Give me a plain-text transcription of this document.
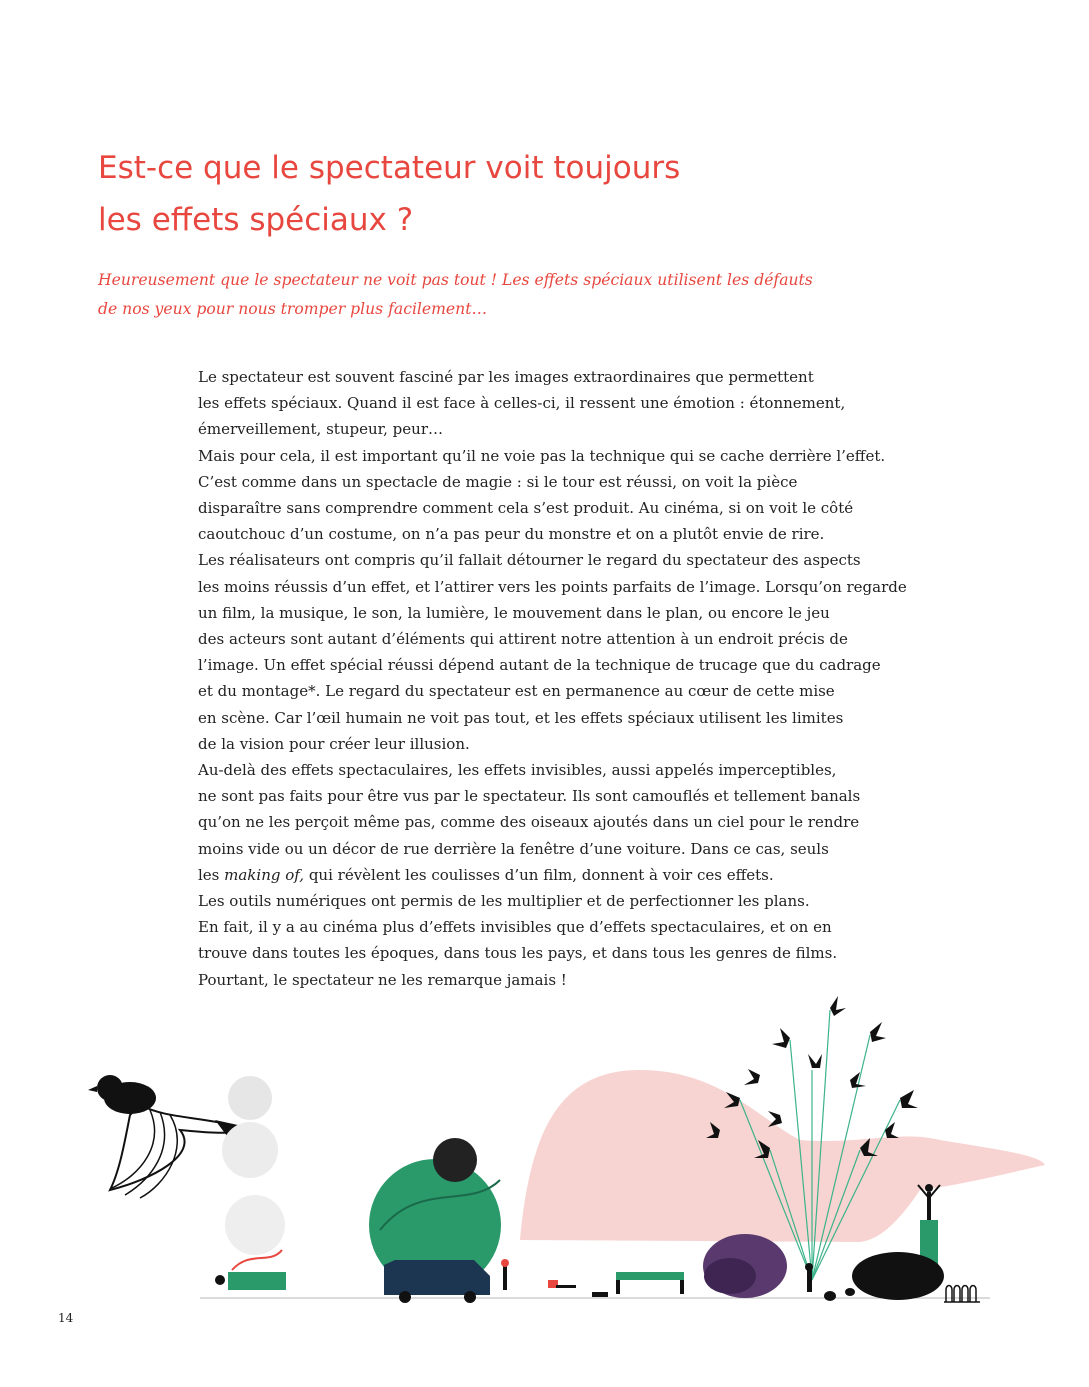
Est-ce que le spectateur voit toujours
les effets spéciaux ?

Heureusement que le spectateur ne voit pas tout ! Les effets spéciaux utilisent les défauts
de nos yeux pour nous tromper plus facilement…

Le spectateur est souvent fasciné par les images extraordinaires que permettent
les effets spéciaux. Quand il est face à celles-ci, il ressent une émotion : étonnement,
émerveillement, stupeur, peur…
Mais pour cela, il est important qu’il ne voie pas la technique qui se cache derrière l’effet.
C’est comme dans un spectacle de magie : si le tour est réussi, on voit la pièce
disparaître sans comprendre comment cela s’est produit. Au cinéma, si on voit le côté
caoutchouc d’un costume, on n’a pas peur du monstre et on a plutôt envie de rire.
Les réalisateurs ont compris qu’il fallait détourner le regard du spectateur des aspects
les moins réussis d’un effet, et l’attirer vers les points parfaits de l’image. Lorsqu’on regarde
un film, la musique, le son, la lumière, le mouvement dans le plan, ou encore le jeu
des acteurs sont autant d’éléments qui attirent notre attention à un endroit précis de
l’image. Un effet spécial réussi dépend autant de la technique de trucage que du cadrage
et du montage*. Le regard du spectateur est en permanence au cœur de cette mise
en scène. Car l’œil humain ne voit pas tout, et les effets spéciaux utilisent les limites
de la vision pour créer leur illusion.
Au-delà des effets spectaculaires, les effets invisibles, aussi appelés imperceptibles,
ne sont pas faits pour être vus par le spectateur. Ils sont camouflés et tellement banals
qu’on ne les perçoit même pas, comme des oiseaux ajoutés dans un ciel pour le rendre
moins vide ou un décor de rue derrière la fenêtre d’une voiture. Dans ce cas, seuls
les making of, qui révèlent les coulisses d’un film, donnent à voir ces effets.
Les outils numériques ont permis de les multiplier et de perfectionner les plans.
En fait, il y a au cinéma plus d’effets invisibles que d’effets spectaculaires, et on en
trouve dans toutes les époques, dans tous les pays, et dans tous les genres de films.
Pourtant, le spectateur ne les remarque jamais !
14
